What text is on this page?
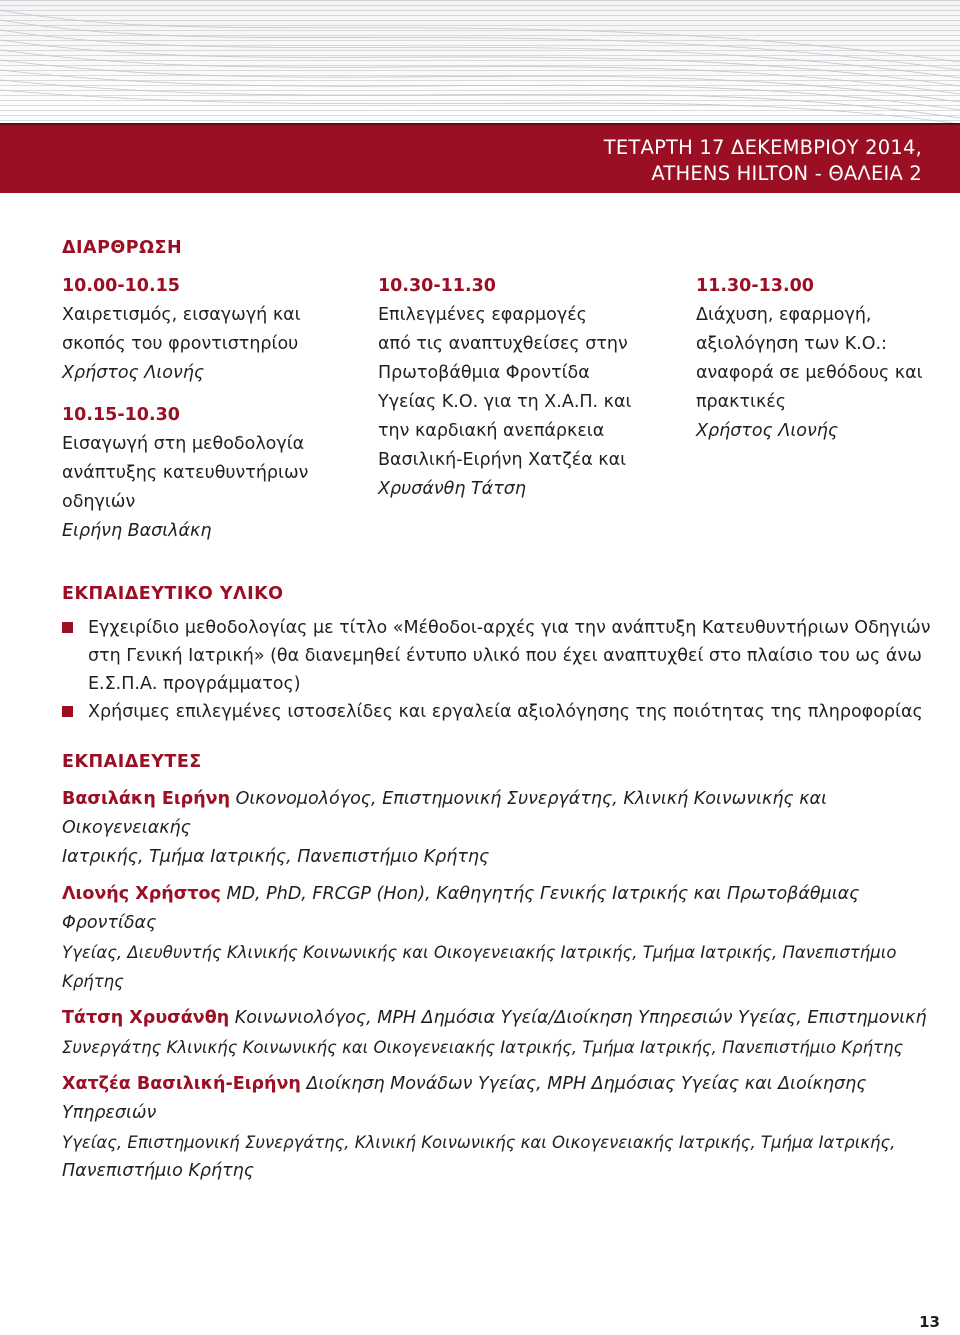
ΤΕΤΑΡΤΗ 17 ΔΕΚΕΜΒΡΙΟΥ 2014,
ATHENS HILTON - ΘΑΛΕΙΑ 2
ΔΙΑΡΘΡΩΣΗ
10.00-10.15
Χαιρετισμός, εισαγωγή και
σκοπός του φροντιστηρίου
Χρήστος Λιονής
10.15-10.30
Εισαγωγή στη μεθοδολογία
ανάπτυξης κατευθυντήριων
οδηγιών
Ειρήνη Βασιλάκη
10.30-11.30
Επιλεγμένες εφαρμογές
από τις αναπτυχθείσες στην
Πρωτοβάθμια Φροντίδα
Υγείας Κ.Ο. για τη Χ.Α.Π. και
την καρδιακή ανεπάρκεια
Βασιλική-Ειρήνη Χατζέα και
Χρυσάνθη Τάτση
11.30-13.00
Διάχυση, εφαρμογή,
αξιολόγηση των Κ.Ο.:
αναφορά σε μεθόδους και
πρακτικές
Χρήστος Λιονής
ΕΚΠΑΙΔΕΥΤΙΚΟ ΥΛΙΚΟ
Εγχειρίδιο μεθοδολογίας με τίτλο «Μέθοδοι-αρχές για την ανάπτυξη Κατευθυντήριων Οδηγιών
στη Γενική Ιατρική» (θα διανεμηθεί έντυπο υλικό που έχει αναπτυχθεί στο πλαίσιο του ως άνω
Ε.Σ.Π.Α. προγράμματος)
Χρήσιμες επιλεγμένες ιστοσελίδες και εργαλεία αξιολόγησης της ποιότητας της πληροφορίας
ΕΚΠΑΙΔΕΥΤΕΣ
Βασιλάκη Ειρήνη Οικονομολόγος, Επιστημονική Συνεργάτης, Κλινική Κοινωνικής και Οικογενειακής
Ιατρικής, Τμήμα Ιατρικής, Πανεπιστήμιο Κρήτης
Λιονής Χρήστος MD, PhD, FRCGP (Hon), Καθηγητής Γενικής Ιατρικής και Πρωτοβάθμιας Φροντίδας
Υγείας, Διευθυντής Κλινικής Κοινωνικής και Οικογενειακής Ιατρικής, Τμήμα Ιατρικής, Πανεπιστήμιο Κρήτης
Τάτση Χρυσάνθη Κοινωνιολόγος, MPH Δημόσια Υγεία/Διοίκηση Υπηρεσιών Υγείας, Επιστημονική
Συνεργάτης Κλινικής Κοινωνικής και Οικογενειακής Ιατρικής, Τμήμα Ιατρικής, Πανεπιστήμιο Κρήτης
Χατζέα Βασιλική-Ειρήνη Διοίκηση Μονάδων Υγείας, MPH Δημόσιας Υγείας και Διοίκησης Υπηρεσιών
Υγείας, Επιστημονική Συνεργάτης, Κλινική Κοινωνικής και Οικογενειακής Ιατρικής, Τμήμα Ιατρικής,
Πανεπιστήμιο Κρήτης
13
